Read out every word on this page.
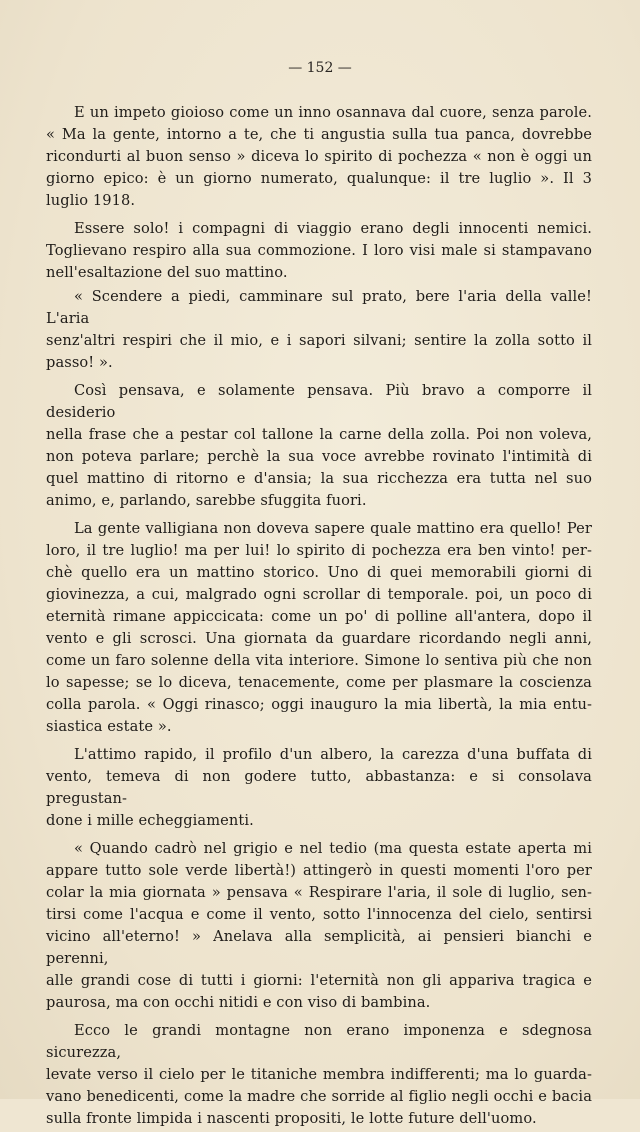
— 152 —
E un impeto gioioso come un inno osannava dal cuore, senza parole.
« Ma la gente, intorno a te, che ti angustia sulla tua panca, dovrebbe
ricondurti al buon senso » diceva lo spirito di pochezza « non è oggi un
giorno epico: è un giorno numerato, qualunque: il tre luglio ». Il 3
luglio 1918.
Essere solo! i compagni di viaggio erano degli innocenti nemici.
Toglievano respiro alla sua commozione. I loro visi male si stampavano
nell'esaltazione del suo mattino.
« Scendere a piedi, camminare sul prato, bere l'aria della valle! L'aria
senz'altri respiri che il mio, e i sapori silvani; sentire la zolla sotto il
passo! ».
Così pensava, e solamente pensava. Più bravo a comporre il desiderio
nella frase che a pestar col tallone la carne della zolla. Poi non voleva,
non poteva parlare; perchè la sua voce avrebbe rovinato l'intimità di
quel mattino di ritorno e d'ansia; la sua ricchezza era tutta nel suo
animo, e, parlando, sarebbe sfuggita fuori.
La gente valligiana non doveva sapere quale mattino era quello! Per
loro, il tre luglio! ma per lui! lo spirito di pochezza era ben vinto! per-
chè quello era un mattino storico. Uno di quei memorabili giorni di
giovinezza, a cui, malgrado ogni scrollar di temporale. poi, un poco di
eternità rimane appiccicata: come un po' di polline all'antera, dopo il
vento e gli scrosci. Una giornata da guardare ricordando negli anni,
come un faro solenne della vita interiore. Simone lo sentiva più che non
lo sapesse; se lo diceva, tenacemente, come per plasmare la coscienza
colla parola. « Oggi rinasco; oggi inauguro la mia libertà, la mia entu-
siastica estate ».
L'attimo rapido, il profilo d'un albero, la carezza d'una buffata di
vento, temeva di non godere tutto, abbastanza: e si consolava pregustan-
done i mille echeggiamenti.
« Quando cadrò nel grigio e nel tedio (ma questa estate aperta mi
appare tutto sole verde libertà!) attingerò in questi momenti l'oro per
colar la mia giornata » pensava « Respirare l'aria, il sole di luglio, sen-
tirsi come l'acqua e come il vento, sotto l'innocenza del cielo, sentirsi
vicino all'eterno! » Anelava alla semplicità, ai pensieri bianchi e perenni,
alle grandi cose di tutti i giorni: l'eternità non gli appariva tragica e
paurosa, ma con occhi nitidi e con viso di bambina.
Ecco le grandi montagne non erano imponenza e sdegnosa sicurezza,
levate verso il cielo per le titaniche membra indifferenti; ma lo guarda-
vano benedicenti, come la madre che sorride al figlio negli occhi e bacia
sulla fronte limpida i nascenti propositi, le lotte future dell'uomo.
